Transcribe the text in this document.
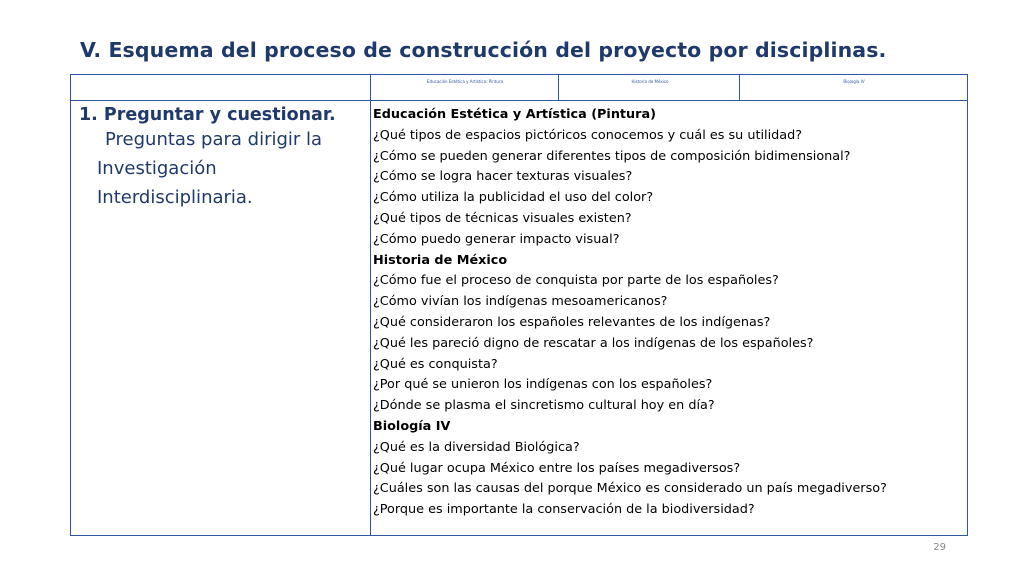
V. Esquema del proceso de construcción del proyecto por disciplinas.
Educación Estética y Artística: Pintura	Historia de México	Biología IV
1. Preguntar y cuestionar.
Preguntas para dirigir la
Investigación
Interdisciplinaria.
Educación Estética y Artística (Pintura)
¿Qué tipos de espacios pictóricos conocemos y cuál es su utilidad?
¿Cómo se pueden generar diferentes tipos de composición bidimensional?
¿Cómo se logra hacer texturas visuales?
¿Cómo utiliza la publicidad el uso del color?
¿Qué tipos de técnicas visuales existen?
¿Cómo puedo generar impacto visual?
Historia de México
¿Cómo fue el proceso de conquista por parte de los españoles?
¿Cómo vivían los indígenas mesoamericanos?
¿Qué consideraron los españoles relevantes de los indígenas?
¿Qué les pareció digno de rescatar a los indígenas de los españoles?
¿Qué es conquista?
¿Por qué se unieron los indígenas con los españoles?
¿Dónde se plasma el sincretismo cultural hoy en día?
Biología IV
¿Qué es la diversidad Biológica?
¿Qué lugar ocupa México entre los países megadiversos?
¿Cuáles son las causas del porque México es considerado un país megadiverso?
¿Porque es importante la conservación de la biodiversidad?
29
